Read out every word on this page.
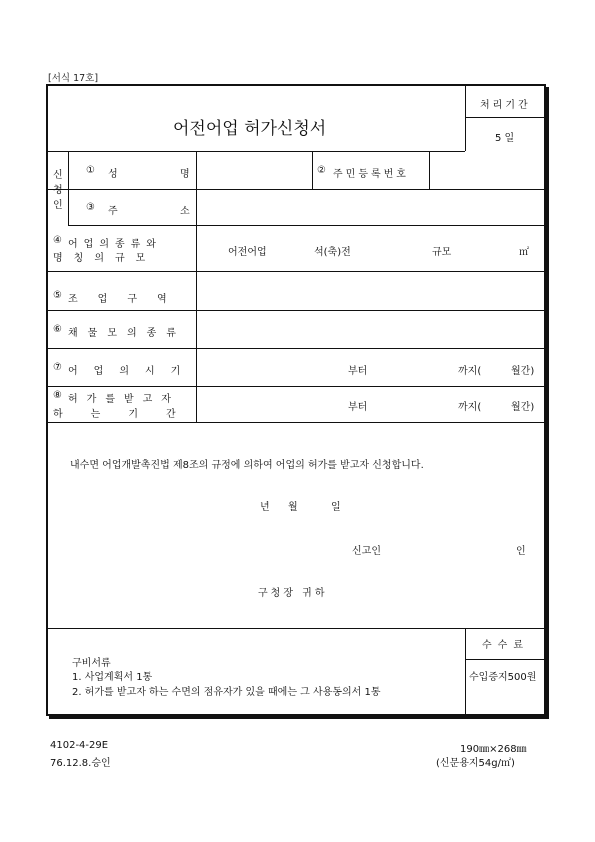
[서식 17호]
어전어업 허가신청서
처리기간
5 일
신
청
인
① 성	명	② 주민등록번호
③ 주	소
④ 어업의종류와
명칭의규모
어전어업	석(축)전	규모	㎡
⑤ 조업구역
⑥ 채물모의종류
⑦ 어업의시기	부터	까지(	월간)
⑧ 허가를받고자
하는기간
부터	까지(	월간)
내수면 어업개발촉진법 제8조의 규정에 의하여 어업의 허가를 받고자 신청합니다.
년 월	일
신고인	인
구청장 귀하
구비서류
1. 사업계획서 1통
2. 허가를 받고자 하는 수면의 점유자가 있을 때에는 그 사용동의서 1통
수수료
수입증지500원
4102-4-29E
76.12.8.승인
190㎜×268㎜
(신문용지54g/㎡)
